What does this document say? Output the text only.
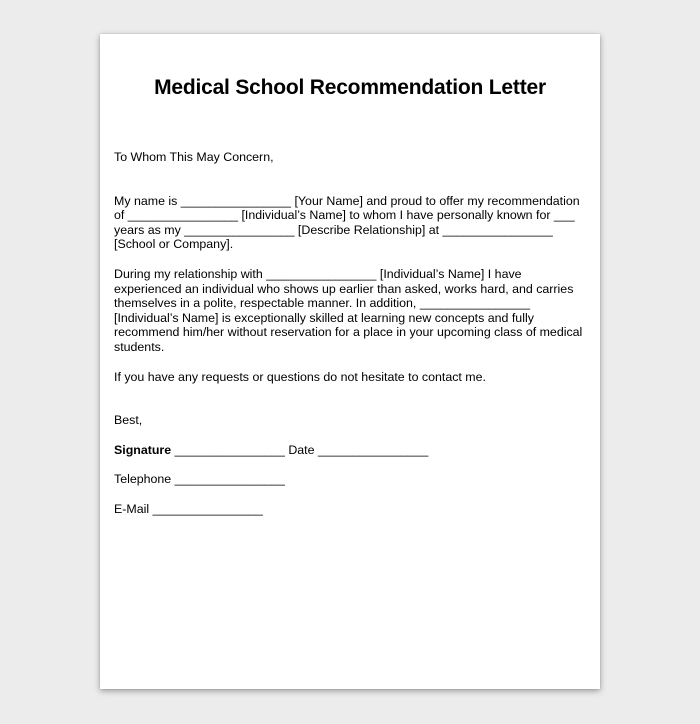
Medical School Recommendation Letter

To Whom This May Concern,

My name is ________________ [Your Name] and proud to offer my recommendation of ________________ [Individual’s Name] to whom I have personally known for ___ years as my ________________ [Describe Relationship] at ________________ [School or Company].

During my relationship with ________________ [Individual’s Name] I have experienced an individual who shows up earlier than asked, works hard, and carries themselves in a polite, respectable manner. In addition, ________________ [Individual’s Name] is exceptionally skilled at learning new concepts and fully recommend him/her without reservation for a place in your upcoming class of medical students.

If you have any requests or questions do not hesitate to contact me.

Best,

Signature ________________ Date ________________

Telephone ________________

E-Mail ________________
